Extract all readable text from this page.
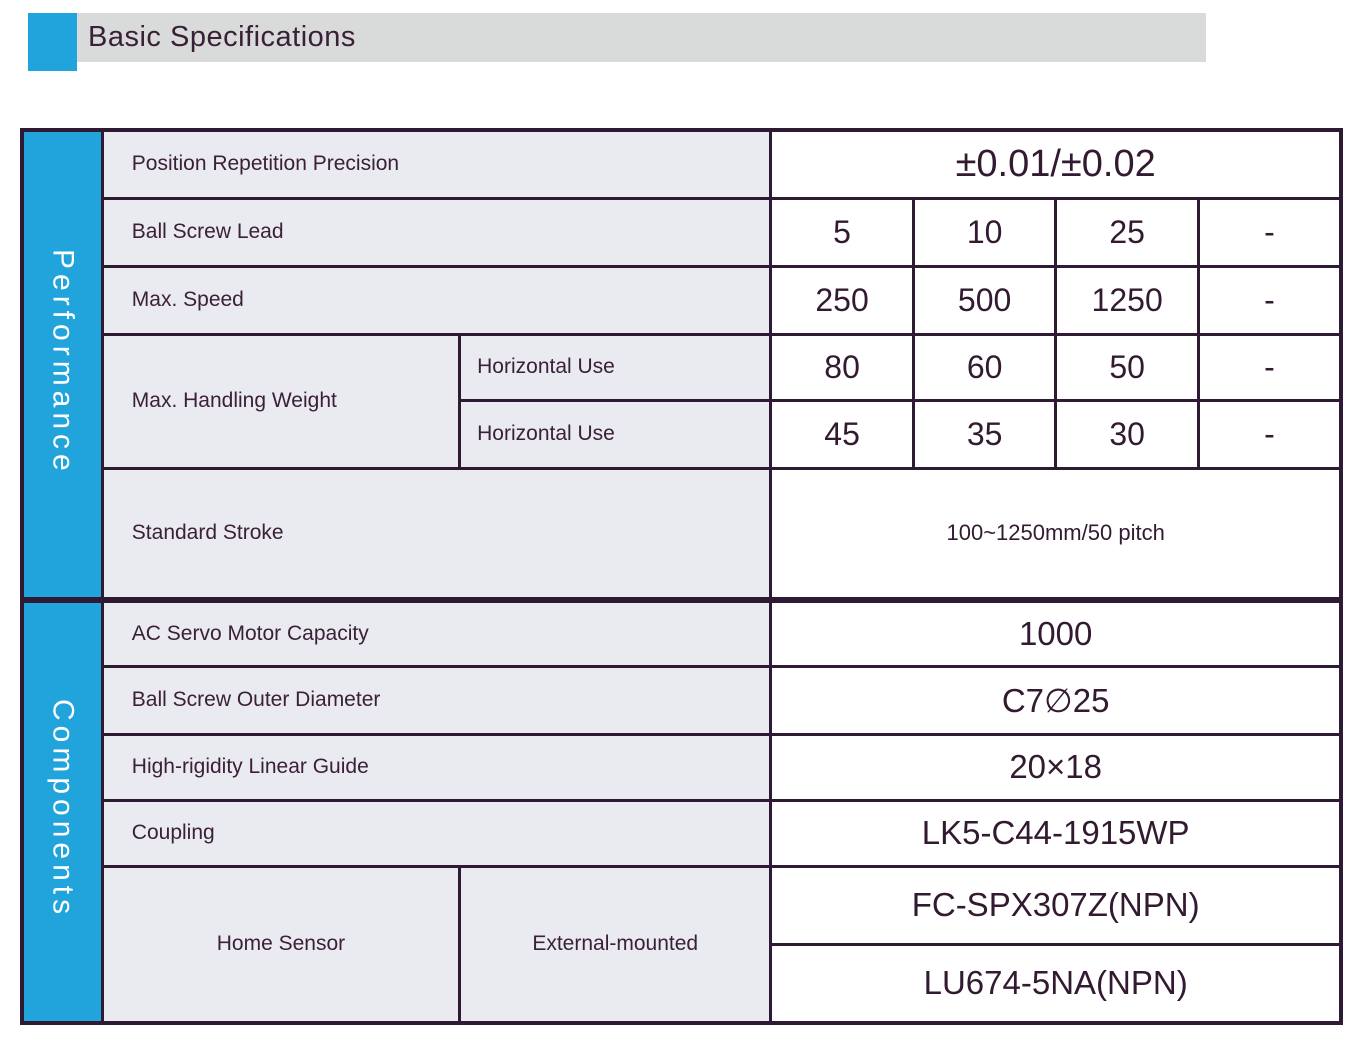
Basic Specifications
Performance	Position Repetition Precision		±0.01/±0.02			
	Ball Screw Lead		5	10	25	-
	Max. Speed		250	500	1250	-
	Max. Handling Weight	Horizontal Use	80	60	50	-
		Horizontal Use	45	35	30	-
	Standard Stroke		100~1250mm/50 pitch			
Components	AC Servo Motor Capacity		1000			
	Ball Screw Outer Diameter		C7∅25			
	High-rigidity Linear Guide		20×18			
	Coupling		LK5-C44-1915WP			
	Home Sensor	External-mounted	FC-SPX307Z(NPN)			
			LU674-5NA(NPN)			
